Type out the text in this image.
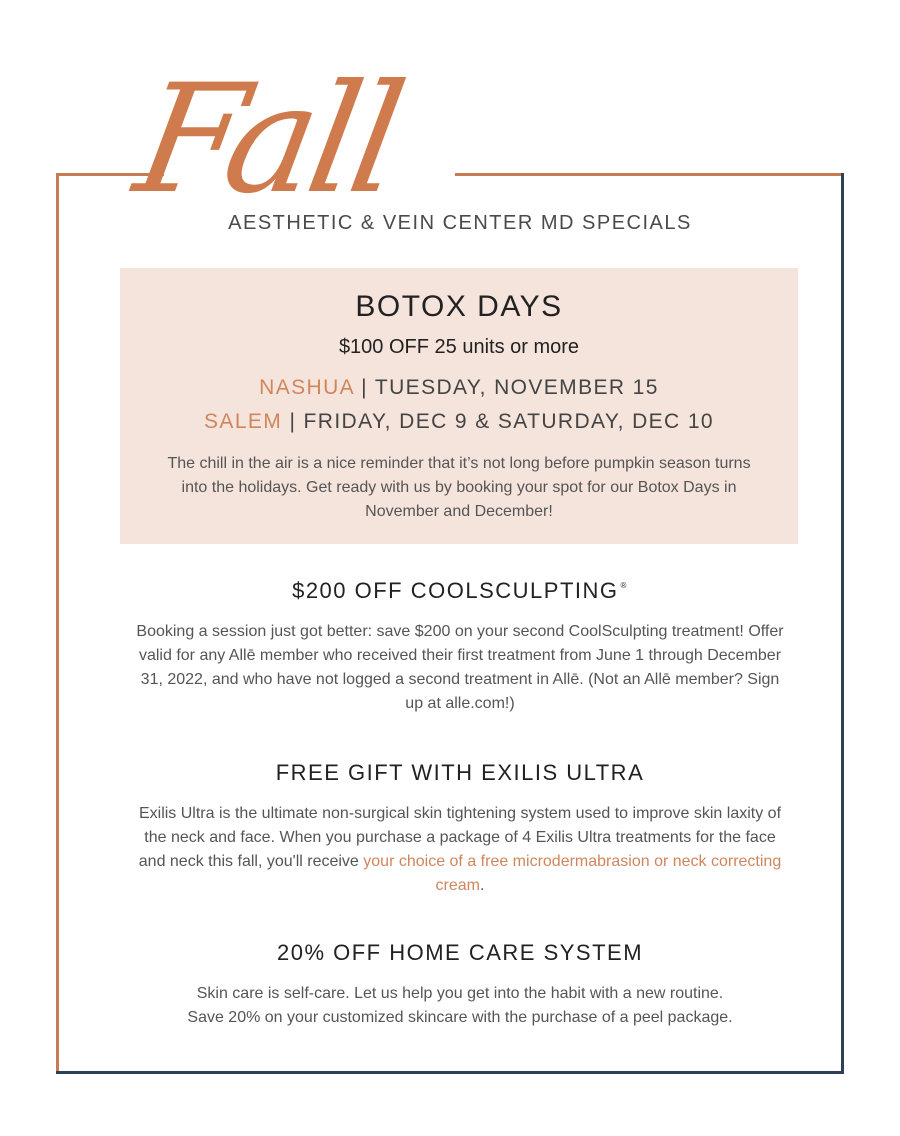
Fall
AESTHETIC & VEIN CENTER MD SPECIALS
BOTOX DAYS
$100 OFF 25 units or more
NASHUA | TUESDAY, NOVEMBER 15
SALEM | FRIDAY, DEC 9 & SATURDAY, DEC 10
The chill in the air is a nice reminder that it’s not long before pumpkin season turns into the holidays. Get ready with us by booking your spot for our Botox Days in November and December!
$200 OFF COOLSCULPTING ®

Booking a session just got better: save $200 on your second CoolSculpting treatment! Offer valid for any Allē member who received their first treatment from June 1 through December 31, 2022, and who have not logged a second treatment in Allē. (Not an Allē member? Sign up at alle.com!)

FREE GIFT WITH EXILIS ULTRA

Exilis Ultra is the ultimate non-surgical skin tightening system used to improve skin laxity of the neck and face. When you purchase a package of 4 Exilis Ultra treatments for the face and neck this fall, you'll receive your choice of a free microdermabrasion or neck correcting cream.

20% OFF HOME CARE SYSTEM

Skin care is self-care. Let us help you get into the habit with a new routine.
Save 20% on your customized skincare with the purchase of a peel package.
